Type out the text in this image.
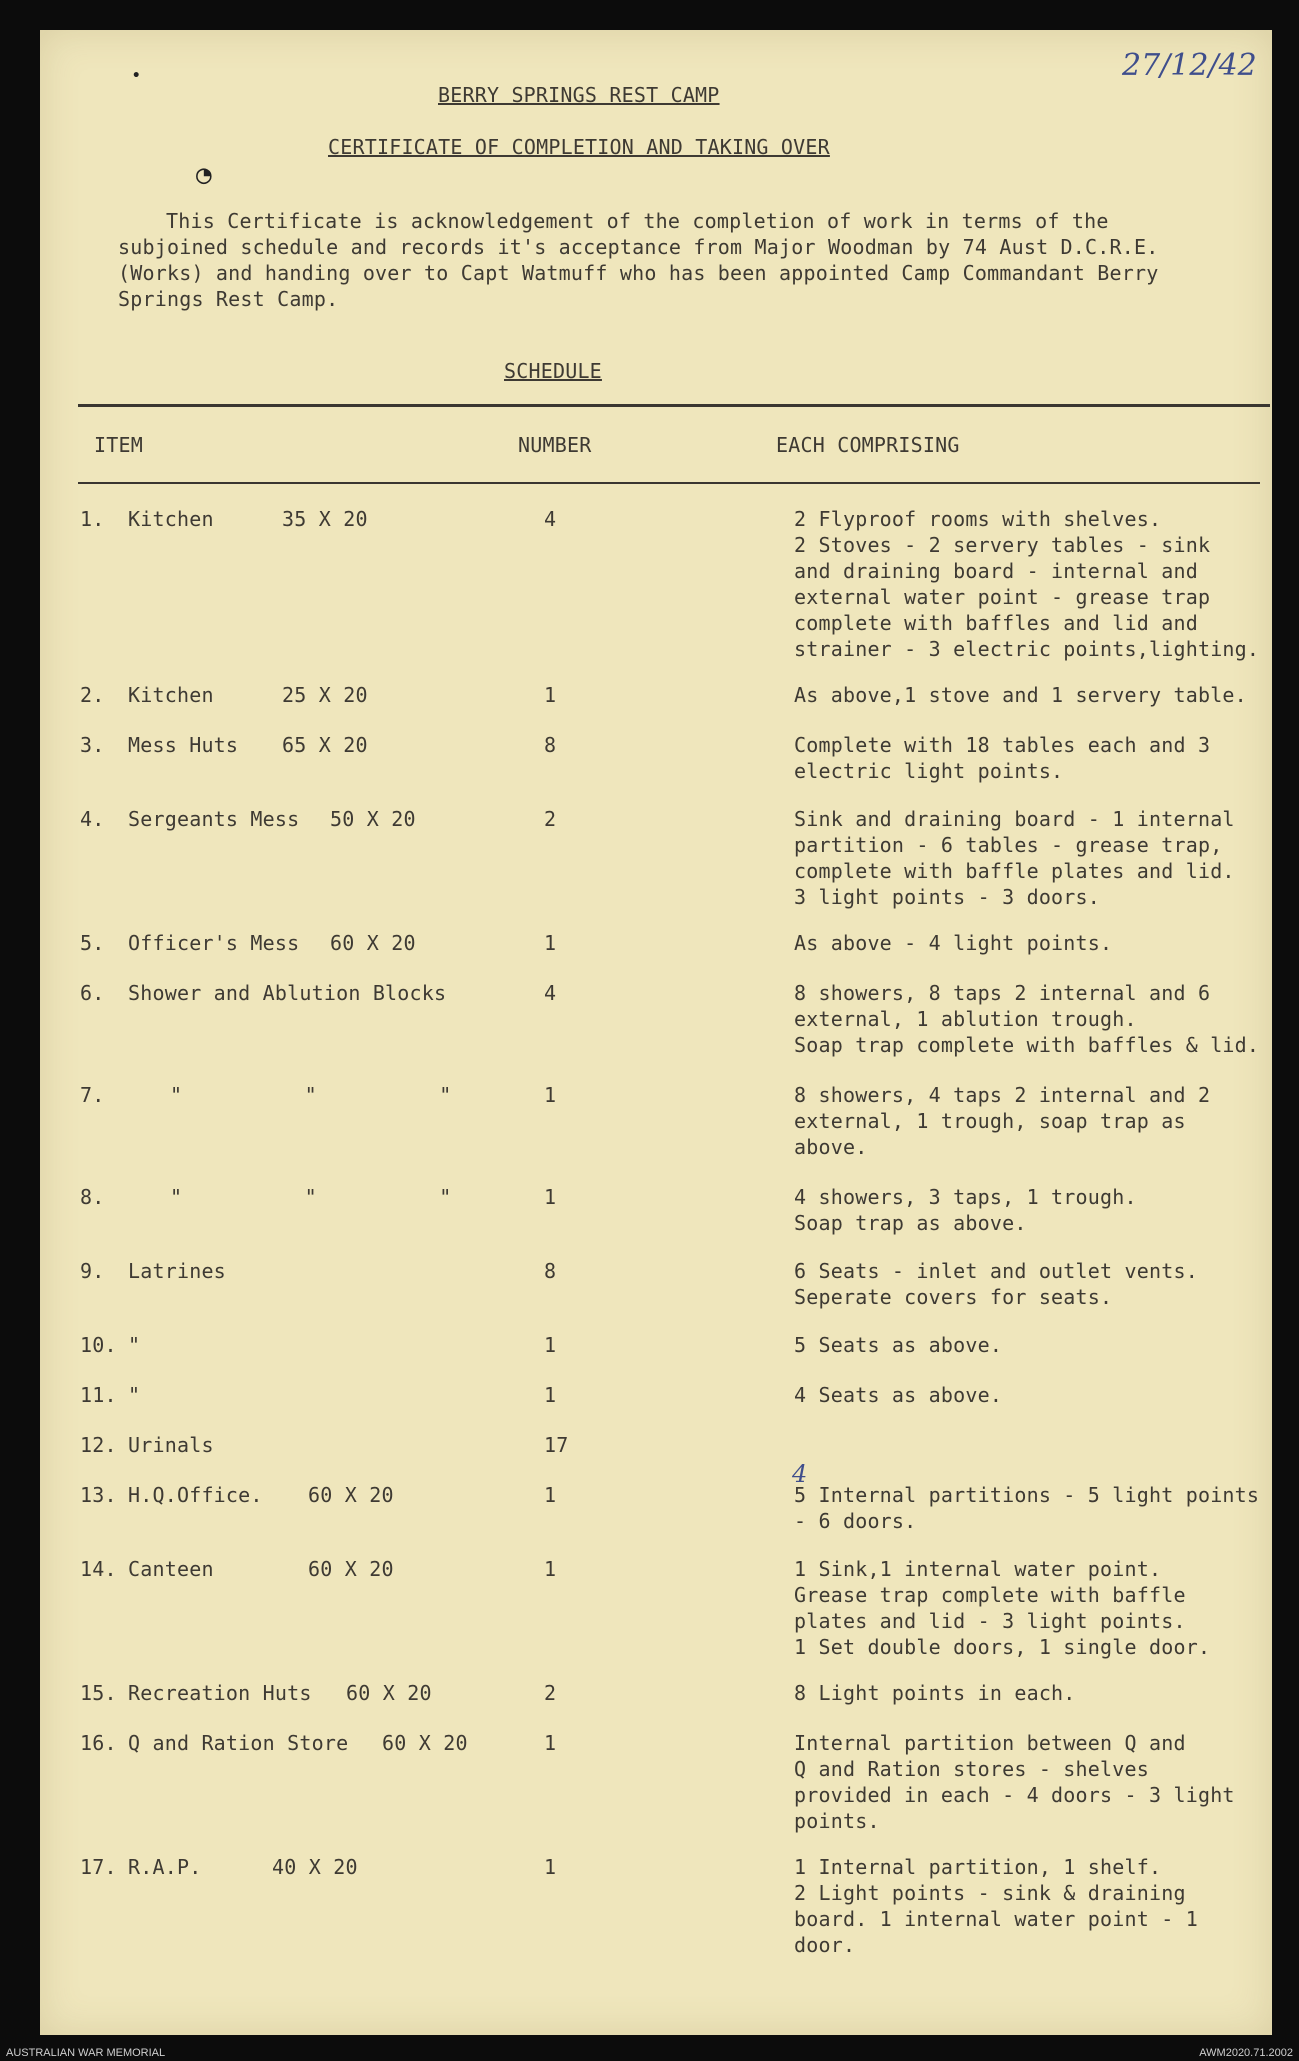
27/12/42
◔
•
BERRY SPRINGS REST CAMP
CERTIFICATE OF COMPLETION AND TAKING OVER
This Certificate is acknowledgement of the completion of work in terms of the
subjoined schedule and records it's acceptance from Major Woodman by 74 Aust D.C.R.E.
(Works) and handing over to Capt Watmuff who has been appointed Camp Commandant Berry
Springs Rest Camp.
SCHEDULE
ITEM	NUMBER	EACH COMPRISING
1. Kitchen	35 X 20	4	2 Flyproof rooms with shelves.
2 Stoves - 2 servery tables - sink
and draining board - internal and
external water point - grease trap
complete with baffles and lid and
strainer - 3 electric points,lighting.
2. Kitchen	25 X 20	1	As above,1 stove and 1 servery table.
3. Mess Huts 65 X 20	8	Complete with 18 tables each and 3
electric light points.
4. Sergeants Mess 50 X 20	2	Sink and draining board - 1 internal
partition - 6 tables - grease trap,
complete with baffle plates and lid.
3 light points - 3 doors.
5. Officer's Mess 60 X 20	1	As above - 4 light points.
6. Shower and Ablution Blocks	4	8 showers, 8 taps 2 internal and 6
external, 1 ablution trough.
Soap trap complete with baffles & lid.
7.	"          "          "	1	8 showers, 4 taps 2 internal and 2
external, 1 trough, soap trap as
above.
8.	"          "          "	1	4 showers, 3 taps, 1 trough.
Soap trap as above.
9. Latrines	8	6 Seats - inlet and outlet vents.
Seperate covers for seats.
10. "	1	5 Seats as above.
11. "	1	4 Seats as above.
12. Urinals	17
13. H.Q.Office. 60 X 20	1	5 Internal partitions - 5 light points
- 6 doors.
14. Canteen	60 X 20	1	1 Sink,1 internal water point.
Grease trap complete with baffle
plates and lid - 3 light points.
1 Set double doors, 1 single door.
15. Recreation Huts 60 X 20	2	8 Light points in each.
16. Q and Ration Store 60 X 20	1	Internal partition between Q and
Q and Ration stores - shelves
provided in each - 4 doors - 3 light
points.
17. R.A.P.	40 X 20	1	1 Internal partition, 1 shelf.
2 Light points - sink & draining
board. 1 internal water point - 1
door.
4
AUSTRALIAN WAR MEMORIAL	AWM2020.71.2002
